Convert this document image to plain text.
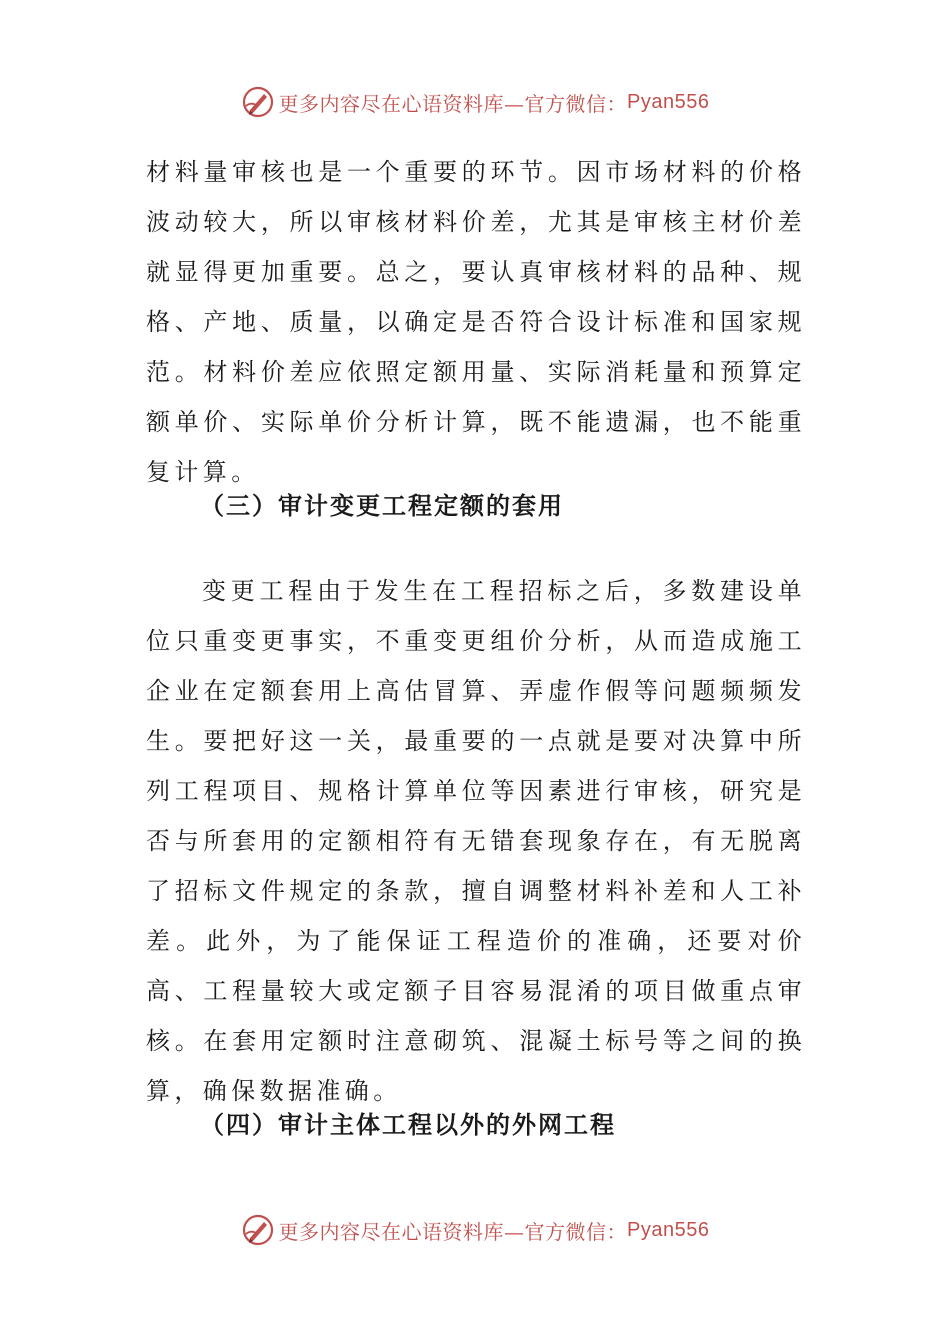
更多内容尽在心语资料库—官方微信： Pyan556

材料量审核也是一个重要的环节。因市场材料的价格波动较大，所以审核材料价差，尤其是审核主材价差就显得更加重要。总之，要认真审核材料的品种、规格、产地、质量，以确定是否符合设计标准和国家规范。材料价差应依照定额用量、实际消耗量和预算定额单价、实际单价分析计算，既不能遗漏，也不能重复计算。

（三）审计变更工程定额的套用

变更工程由于发生在工程招标之后，多数建设单位只重变更事实，不重变更组价分析，从而造成施工企业在定额套用上高估冒算、弄虚作假等问题频频发生。要把好这一关，最重要的一点就是要对决算中所列工程项目、规格计算单位等因素进行审核，研究是否与所套用的定额相符有无错套现象存在，有无脱离了招标文件规定的条款，擅自调整材料补差和人工补差。此外，为了能保证工程造价的准确，还要对价高、工程量较大或定额子目容易混淆的项目做重点审核。在套用定额时注意砌筑、混凝土标号等之间的换算，确保数据准确。

（四）审计主体工程以外的外网工程
更多内容尽在心语资料库—官方微信： Pyan556
